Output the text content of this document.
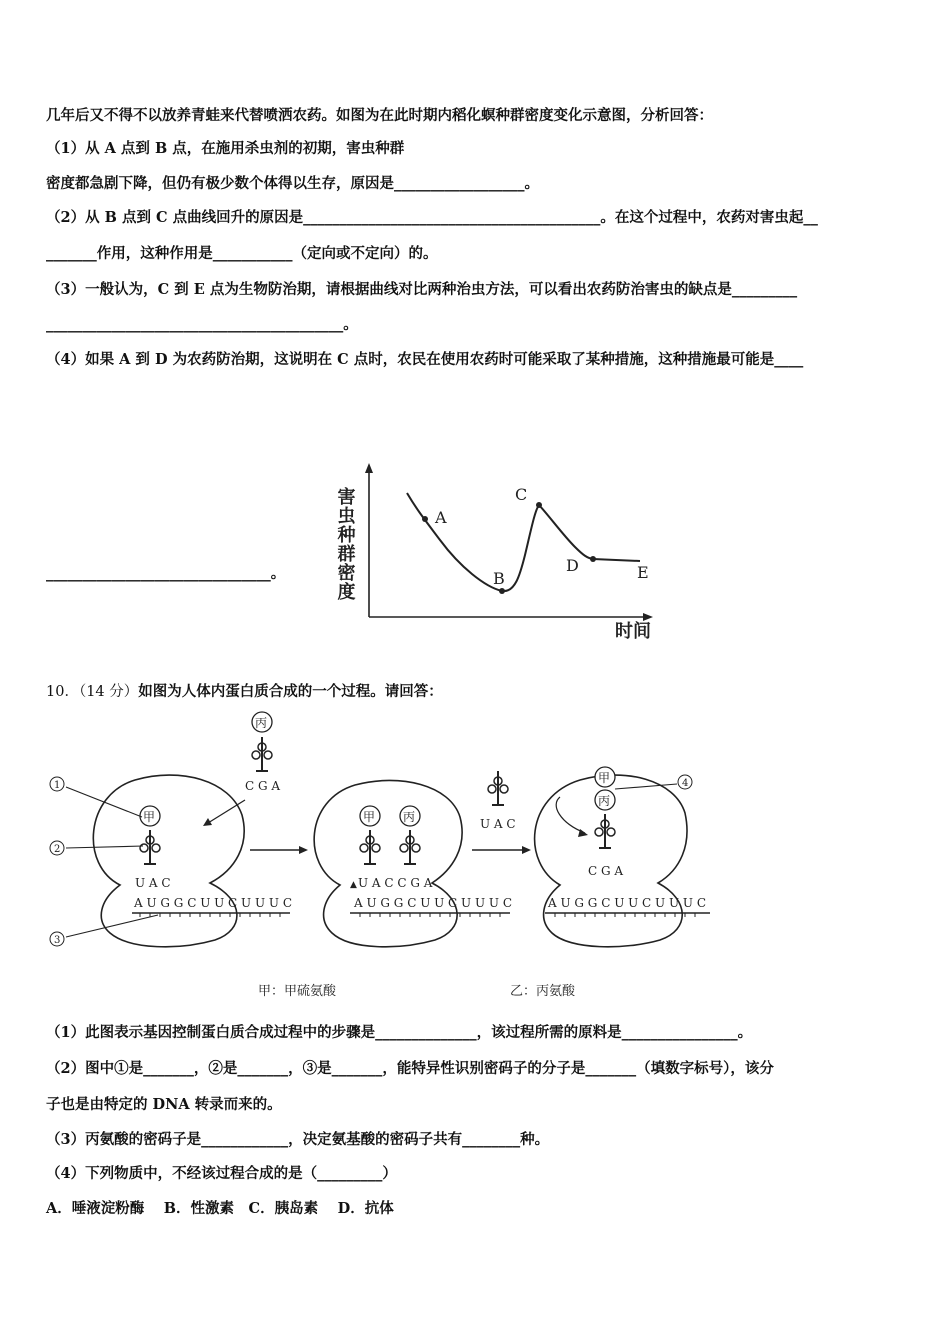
几年后又不得不以放养青蛙来代替喷洒农药。如图为在此时期内稻化螟种群密度变化示意图，分析回答：
（1）从 A 点到 B 点，在施用杀虫剂的初期，害虫种群
密度都急剧下降，但仍有极少数个体得以生存，原因是__________________。
（2）从 B 点到 C 点曲线回升的原因是_________________________________________。在这个过程中，农药对害虫起__
_______作用，这种作用是___________（定向或不定向）的。
（3）一般认为，C 到 E 点为生物防治期，请根据曲线对比两种治虫方法，可以看出农药防治害虫的缺点是_________
_________________________________________。
（4）如果 A 到 D 为农药防治期，这说明在 C 点时，农民在使用农药时可能采取了某种措施，这种措施最可能是____
_______________________________。	害虫种群密度
时间
A
B
C
D	E
10．（14 分）如图为人体内蛋白质合成的一个过程。请回答：
A U G G C U U C U U U C	A U G G C U U C U U U C	A U G G C U U C U U U C
甲
U A C
丙
C G A
1
2
3
甲 丙
U A C C G A
▲
U A C
甲
丙
C G A
4
甲：甲硫氨酸	乙：丙氨酸
（1）此图表示基因控制蛋白质合成过程中的步骤是______________，该过程所需的原料是________________。
（2）图中①是_______，②是_______，③是_______，能特异性识别密码子的分子是_______（填数字标号），该分
子也是由特定的 DNA 转录而来的。
（3）丙氨酸的密码子是____________，决定氨基酸的密码子共有________种。
（4）下列物质中，不经该过程合成的是（_________）
A．唾液淀粉酶　 B．性激素　C．胰岛素　 D．抗体
